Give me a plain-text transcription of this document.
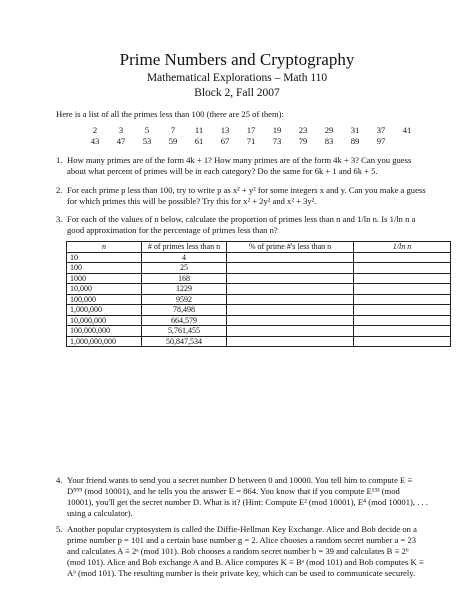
Prime Numbers and Cryptography
Mathematical Explorations – Math 110
Block 2, Fall 2007
Here is a list of all the primes less than 100 (there are 25 of them):
2	3	5	7	11	13	17	19	23	29	31	37	41
43	47	53	59	61	67	71	73	79	83	89	97
1. How many primes are of the form 4k + 1? How many primes are of the form 4k + 3? Can you guess about what percent of primes will be in each category? Do the same for 6k + 1 and 6k + 5.
2. For each prime p less than 100, try to write p as x² + y² for some integers x and y. Can you make a guess for which primes this will be possible? Try this for x² + 2y² and x² + 3y².
3. For each of the values of n below, calculate the proportion of primes less than n and 1/ln n. Is 1/ln n a good approximation for the percentage of primes less than n?
n	# of primes less than n	% of prime #'s less than n	1/ln n
10	4		
100	25		
1000	168		
10,000	1229		
100,000	9592		
1,000,000	78,498		
10,000,000	664,579		
100,000,000	5,761,455		
1,000,000,000	50,847,534		
4. Your friend wants to send you a secret number D between 0 and 10000. You tell him to compute E ≡ D⁵⁹⁹ (mod 10001), and he tells you the answer E = 864. You know that if you compute E¹³³ (mod 10001), you'll get the secret number D. What is it? (Hint: Compute E² (mod 10001), E⁴ (mod 10001), . . . using a calculator).
5. Another popular cryptosystem is called the Diffie-Hellman Key Exchange. Alice and Bob decide on a prime number p = 101 and a certain base number g = 2. Alice chooses a random secret number a = 23 and calculates A ≡ 2ᵃ (mod 101). Bob chooses a random secret number b = 39 and calculates B ≡ 2ᵇ (mod 101). Alice and Bob exchange A and B. Alice computes K ≡ Bᵃ (mod 101) and Bob computes K ≡ Aᵇ (mod 101). The resulting number is their private key, which can be used to communicate securely.
